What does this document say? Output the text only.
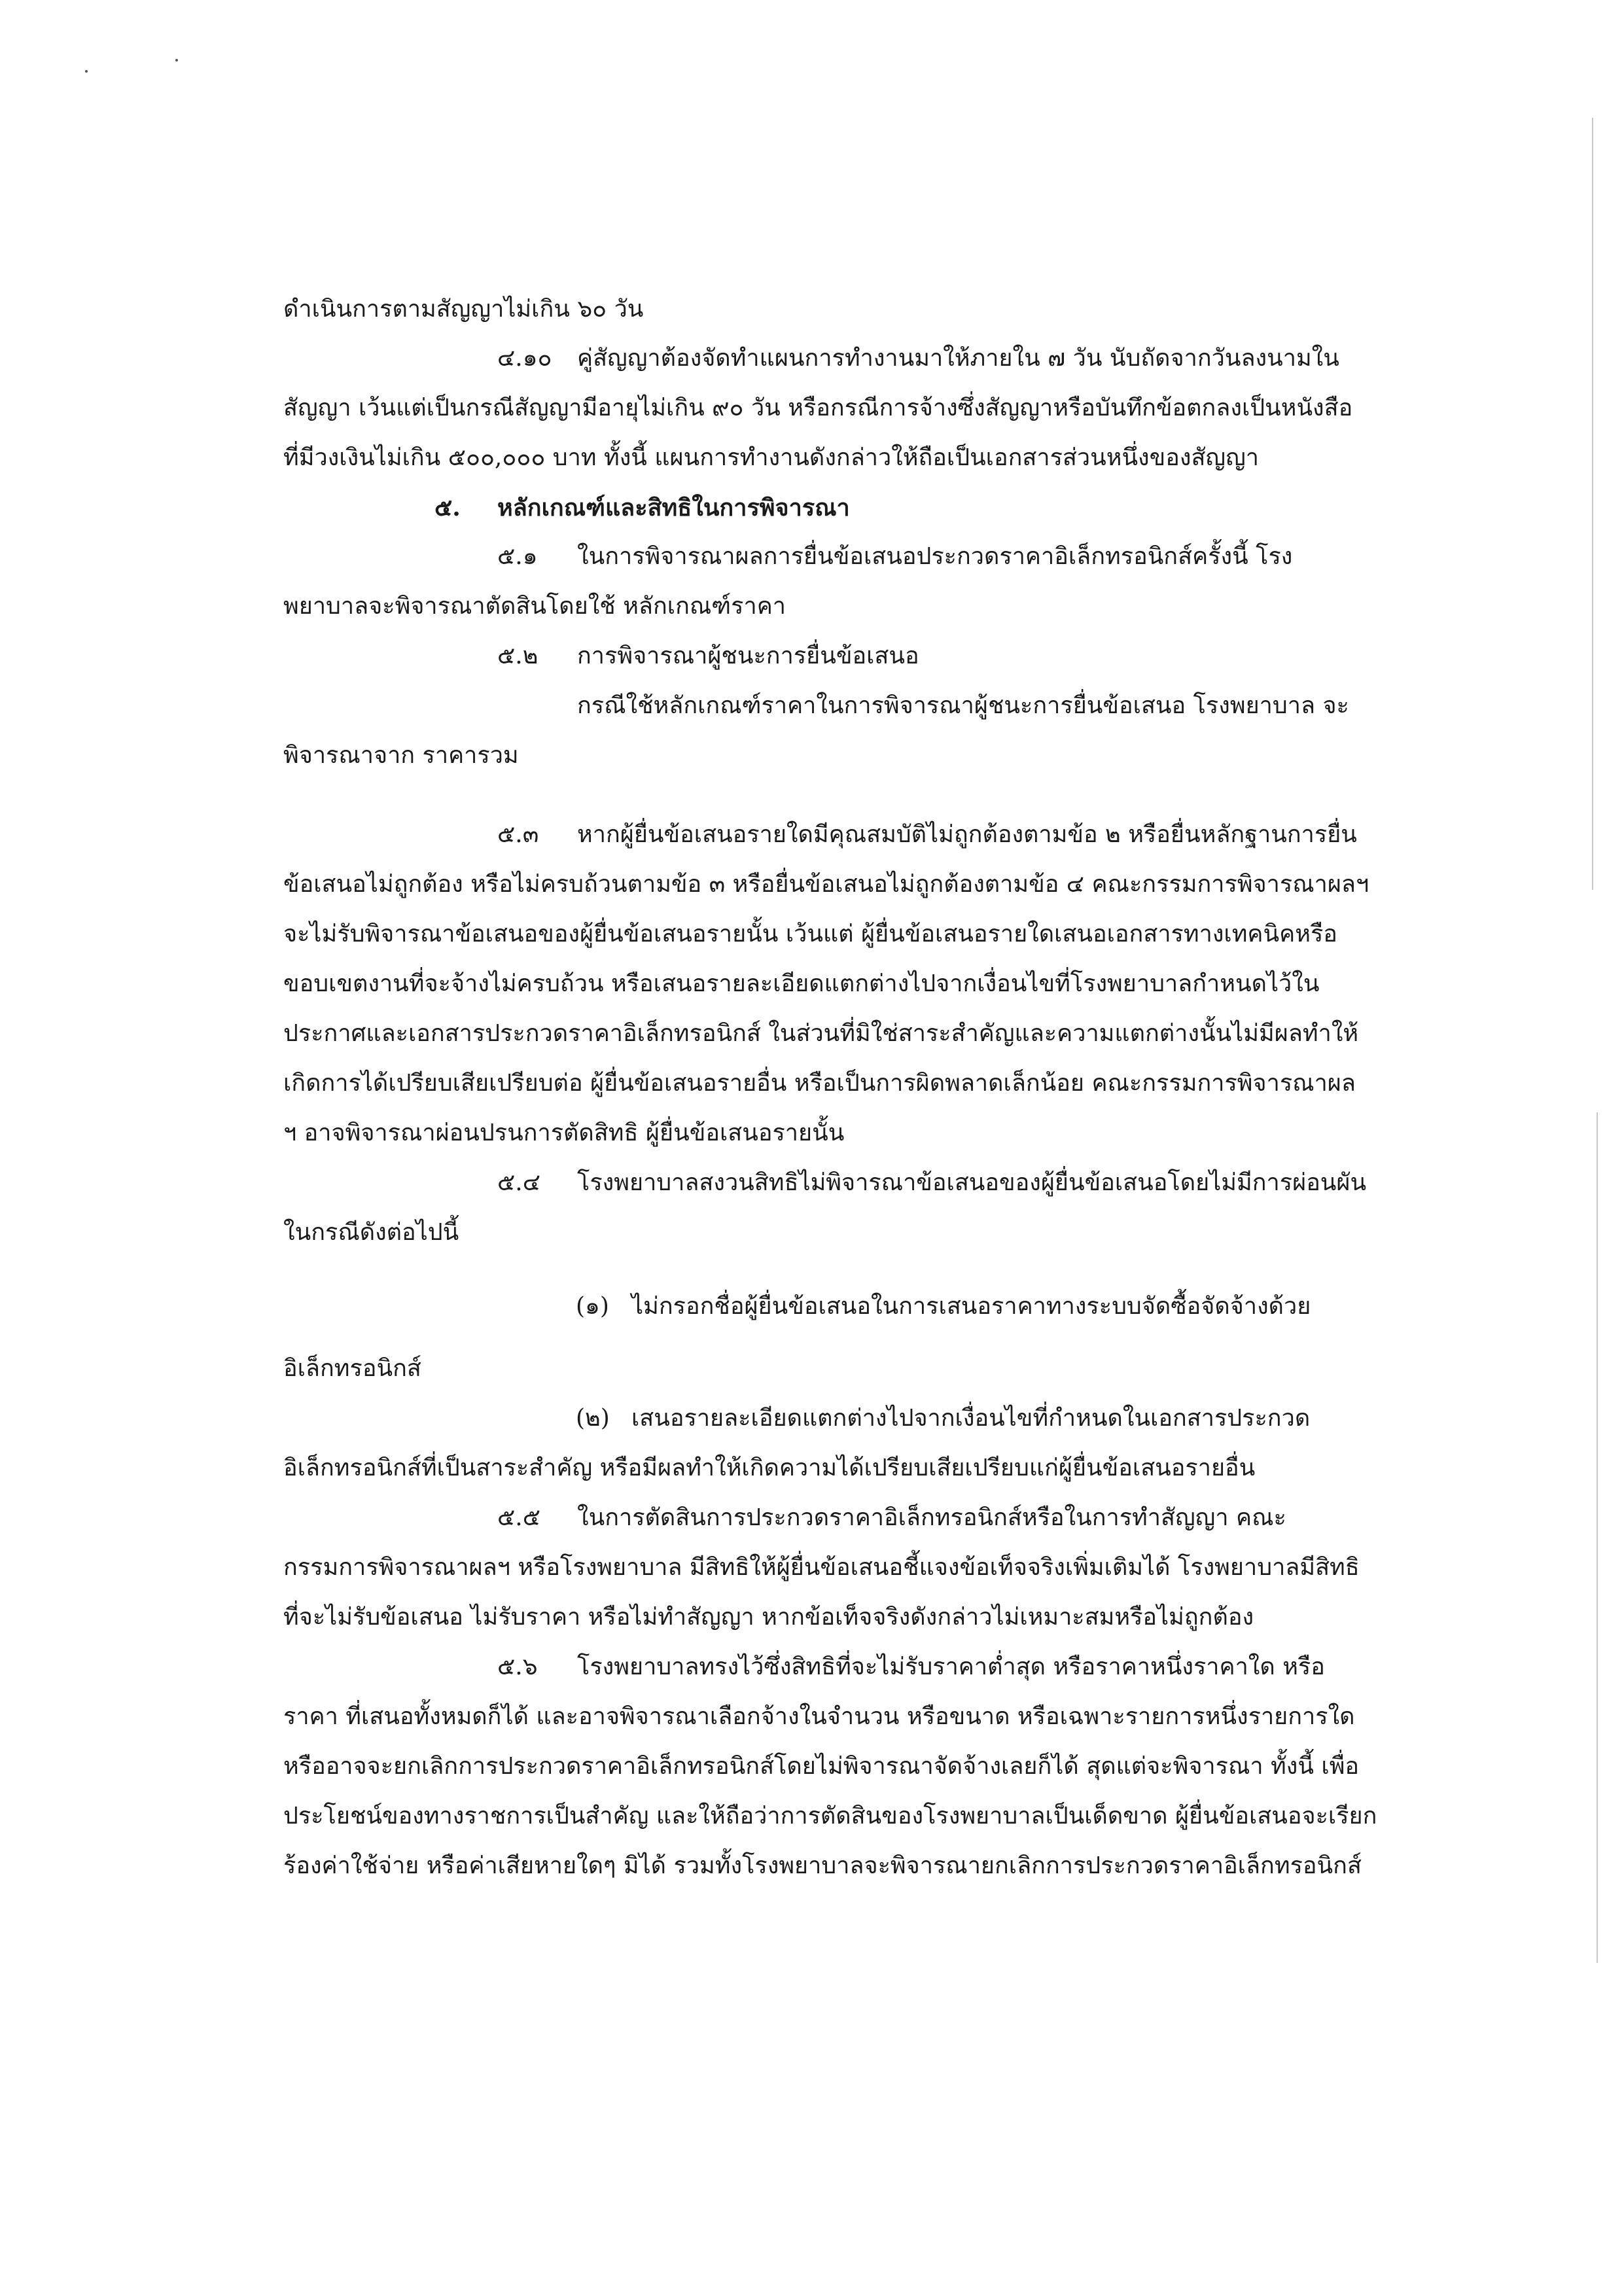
ดำเนินการตามสัญญาไม่เกิน ๖๐ วัน
๔.๑๐ คู่สัญญาต้องจัดทำแผนการทำงานมาให้ภายใน ๗ วัน นับถัดจากวันลงนามใน
สัญญา เว้นแต่เป็นกรณีสัญญามีอายุไม่เกิน ๙๐ วัน หรือกรณีการจ้างซึ่งสัญญาหรือบันทึกข้อตกลงเป็นหนังสือ
ที่มีวงเงินไม่เกิน ๕๐๐,๐๐๐ บาท ทั้งนี้ แผนการทำงานดังกล่าวให้ถือเป็นเอกสารส่วนหนึ่งของสัญญา
๕. หลักเกณฑ์และสิทธิในการพิจารณา
๕.๑ ในการพิจารณาผลการยื่นข้อเสนอประกวดราคาอิเล็กทรอนิกส์ครั้งนี้ โรง
พยาบาลจะพิจารณาตัดสินโดยใช้ หลักเกณฑ์ราคา
๕.๒ การพิจารณาผู้ชนะการยื่นข้อเสนอ
กรณีใช้หลักเกณฑ์ราคาในการพิจารณาผู้ชนะการยื่นข้อเสนอ โรงพยาบาล จะ
พิจารณาจาก ราคารวม
๕.๓ หากผู้ยื่นข้อเสนอรายใดมีคุณสมบัติไม่ถูกต้องตามข้อ ๒ หรือยื่นหลักฐานการยื่น
ข้อเสนอไม่ถูกต้อง หรือไม่ครบถ้วนตามข้อ ๓ หรือยื่นข้อเสนอไม่ถูกต้องตามข้อ ๔ คณะกรรมการพิจารณาผลฯ
จะไม่รับพิจารณาข้อเสนอของผู้ยื่นข้อเสนอรายนั้น เว้นแต่ ผู้ยื่นข้อเสนอรายใดเสนอเอกสารทางเทคนิคหรือ
ขอบเขตงานที่จะจ้างไม่ครบถ้วน หรือเสนอรายละเอียดแตกต่างไปจากเงื่อนไขที่โรงพยาบาลกำหนดไว้ใน
ประกาศและเอกสารประกวดราคาอิเล็กทรอนิกส์ ในส่วนที่มิใช่สาระสำคัญและความแตกต่างนั้นไม่มีผลทำให้
เกิดการได้เปรียบเสียเปรียบต่อ ผู้ยื่นข้อเสนอรายอื่น หรือเป็นการผิดพลาดเล็กน้อย คณะกรรมการพิจารณาผล
ฯ อาจพิจารณาผ่อนปรนการตัดสิทธิ ผู้ยื่นข้อเสนอรายนั้น
๕.๔ โรงพยาบาลสงวนสิทธิไม่พิจารณาข้อเสนอของผู้ยื่นข้อเสนอโดยไม่มีการผ่อนผัน
ในกรณีดังต่อไปนี้
(๑) ไม่กรอกชื่อผู้ยื่นข้อเสนอในการเสนอราคาทางระบบจัดซื้อจัดจ้างด้วย
อิเล็กทรอนิกส์
(๒) เสนอรายละเอียดแตกต่างไปจากเงื่อนไขที่กำหนดในเอกสารประกวด
อิเล็กทรอนิกส์ที่เป็นสาระสำคัญ หรือมีผลทำให้เกิดความได้เปรียบเสียเปรียบแก่ผู้ยื่นข้อเสนอรายอื่น
๕.๕ ในการตัดสินการประกวดราคาอิเล็กทรอนิกส์หรือในการทำสัญญา คณะ
กรรมการพิจารณาผลฯ หรือโรงพยาบาล มีสิทธิให้ผู้ยื่นข้อเสนอชี้แจงข้อเท็จจริงเพิ่มเติมได้ โรงพยาบาลมีสิทธิ
ที่จะไม่รับข้อเสนอ ไม่รับราคา หรือไม่ทำสัญญา หากข้อเท็จจริงดังกล่าวไม่เหมาะสมหรือไม่ถูกต้อง
๕.๖ โรงพยาบาลทรงไว้ซึ่งสิทธิที่จะไม่รับราคาต่ำสุด หรือราคาหนึ่งราคาใด หรือ
ราคา ที่เสนอทั้งหมดก็ได้ และอาจพิจารณาเลือกจ้างในจำนวน หรือขนาด หรือเฉพาะรายการหนึ่งรายการใด
หรืออาจจะยกเลิกการประกวดราคาอิเล็กทรอนิกส์โดยไม่พิจารณาจัดจ้างเลยก็ได้ สุดแต่จะพิจารณา ทั้งนี้ เพื่อ
ประโยชน์ของทางราชการเป็นสำคัญ และให้ถือว่าการตัดสินของโรงพยาบาลเป็นเด็ดขาด ผู้ยื่นข้อเสนอจะเรียก
ร้องค่าใช้จ่าย หรือค่าเสียหายใดๆ มิได้ รวมทั้งโรงพยาบาลจะพิจารณายกเลิกการประกวดราคาอิเล็กทรอนิกส์
